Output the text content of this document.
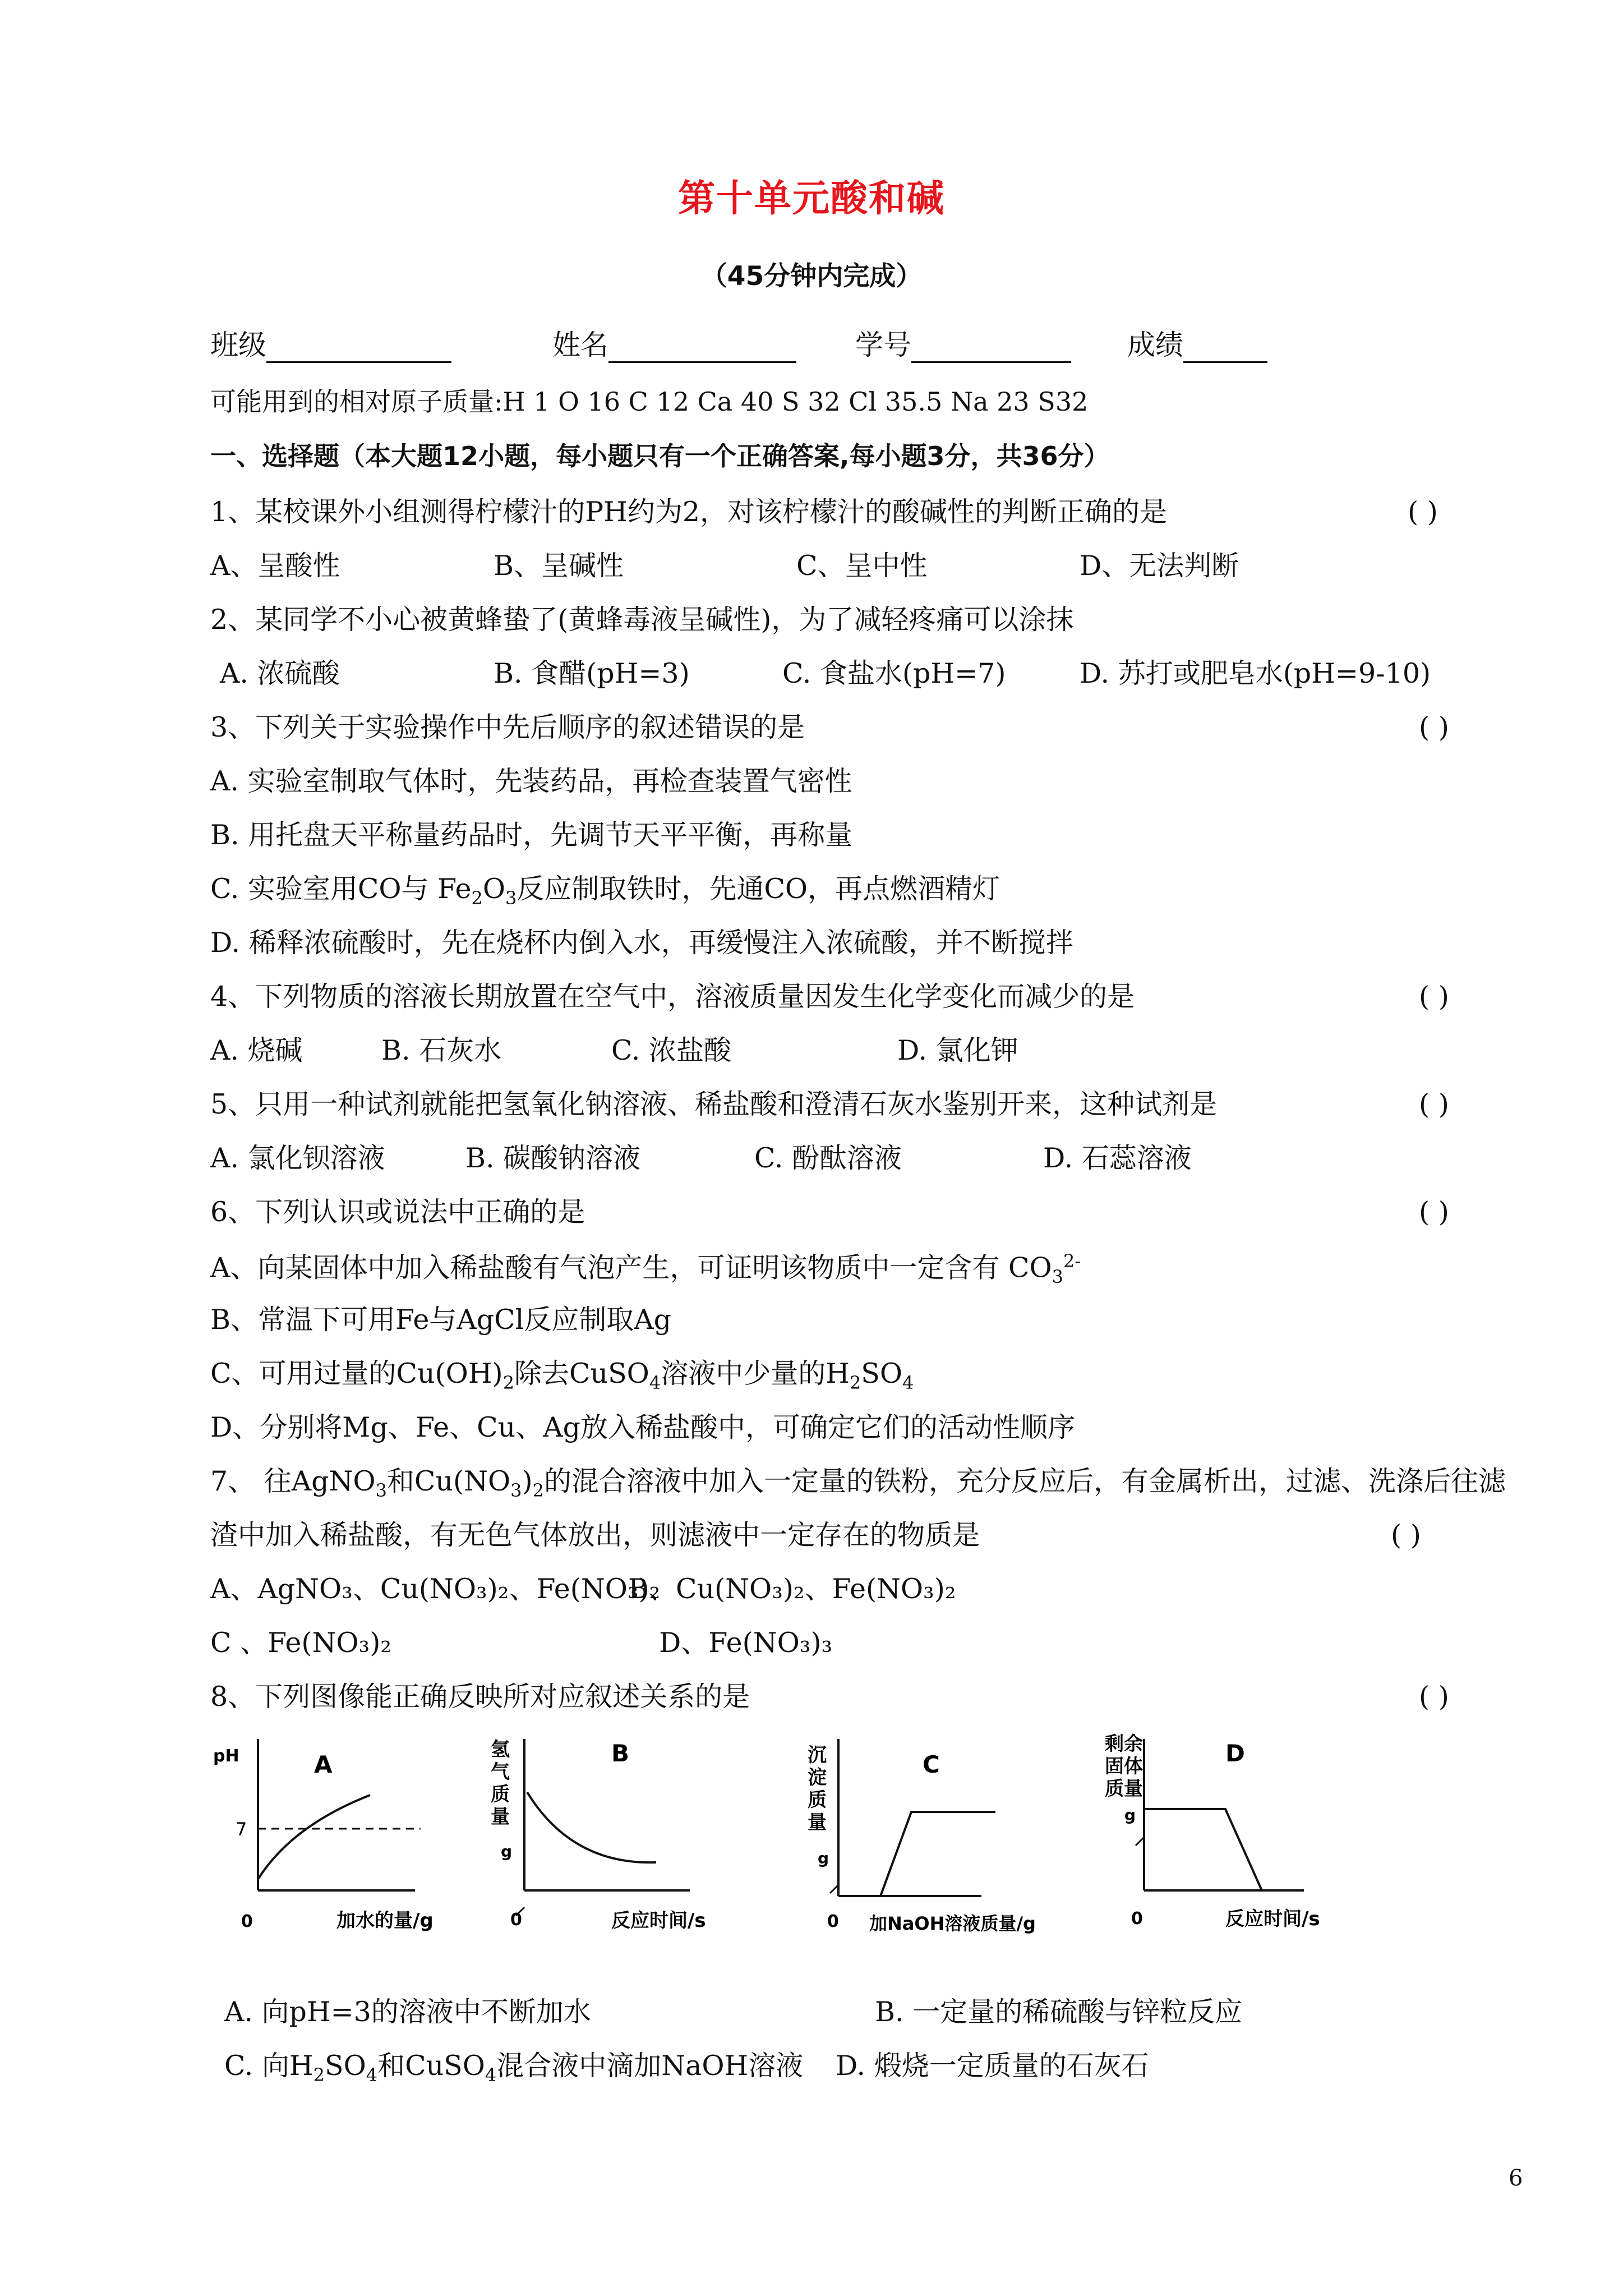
第十单元酸和碱
（45分钟内完成）
班级	姓名	学号	成绩
可能用到的相对原子质量:H 1 O 16 C 12 Ca 40 S 32 Cl 35.5 Na 23 S32
一、选择题（本大题12小题，每小题只有一个正确答案,每小题3分，共36分）
1、某校课外小组测得柠檬汁的PH约为2，对该柠檬汁的酸碱性的判断正确的是	( )
A、呈酸性	B、呈碱性	C、呈中性	D、无法判断
2、某同学不小心被黄蜂蛰了(黄蜂毒液呈碱性)，为了减轻疼痛可以涂抹
A. 浓硫酸	B. 食醋(pH=3)	C. 食盐水(pH=7)	D. 苏打或肥皂水(pH=9-10)
3、下列关于实验操作中先后顺序的叙述错误的是	( )
A. 实验室制取气体时，先装药品，再检查装置气密性
B. 用托盘天平称量药品时，先调节天平平衡，再称量
C. 实验室用CO与 $Fe_2O_3$反应制取铁时，先通CO，再点燃酒精灯
D. 稀释浓硫酸时，先在烧杯内倒入水，再缓慢注入浓硫酸，并不断搅拌
4、下列物质的溶液长期放置在空气中，溶液质量因发生化学变化而减少的是	( )
A. 烧碱	B. 石灰水	C. 浓盐酸	D. 氯化钾
5、只用一种试剂就能把氢氧化钠溶液、稀盐酸和澄清石灰水鉴别开来，这种试剂是	( )
A. 氯化钡溶液	B. 碳酸钠溶液	C. 酚酞溶液	D. 石蕊溶液
6、下列认识或说法中正确的是	( )
A、向某固体中加入稀盐酸有气泡产生，可证明该物质中一定含有 $CO_3^{2-}$
B、常温下可用Fe与AgCl反应制取Ag
C、可用过量的$Cu(OH)_2$除去CuSO$_4$溶液中少量的$H_2SO_4$
D、分别将Mg、Fe、Cu、Ag放入稀盐酸中，可确定它们的活动性顺序
7、 往AgNO$_3$和$Cu(NO_3)_2$的混合溶液中加入一定量的铁粉，充分反应后，有金属析出，过滤、洗涤后往滤
渣中加入稀盐酸，有无色气体放出，则滤液中一定存在的物质是	( )
A、AgNO₃、Cu(NO₃)₂、Fe(NO₃)₂
B、Cu(NO₃)₂、Fe(NO₃)₂
C 、Fe(NO₃)₂	D、Fe(NO₃)₃
8、下列图像能正确反映所对应叙述关系的是	( )
pH
7
A
0	加水的量/g
氢
气
质
量
g
B
0	反应时间/s
沉
淀
质
量
g
C
0 加NaOH溶液质量/g
剩余
固体
质量
g
D
0	反应时间/s
A. 向pH=3的溶液中不断加水	B. 一定量的稀硫酸与锌粒反应
C. 向$H_2SO_4$和CuSO$_4$混合液中滴加NaOH溶液 D. 煅烧一定质量的石灰石
6
